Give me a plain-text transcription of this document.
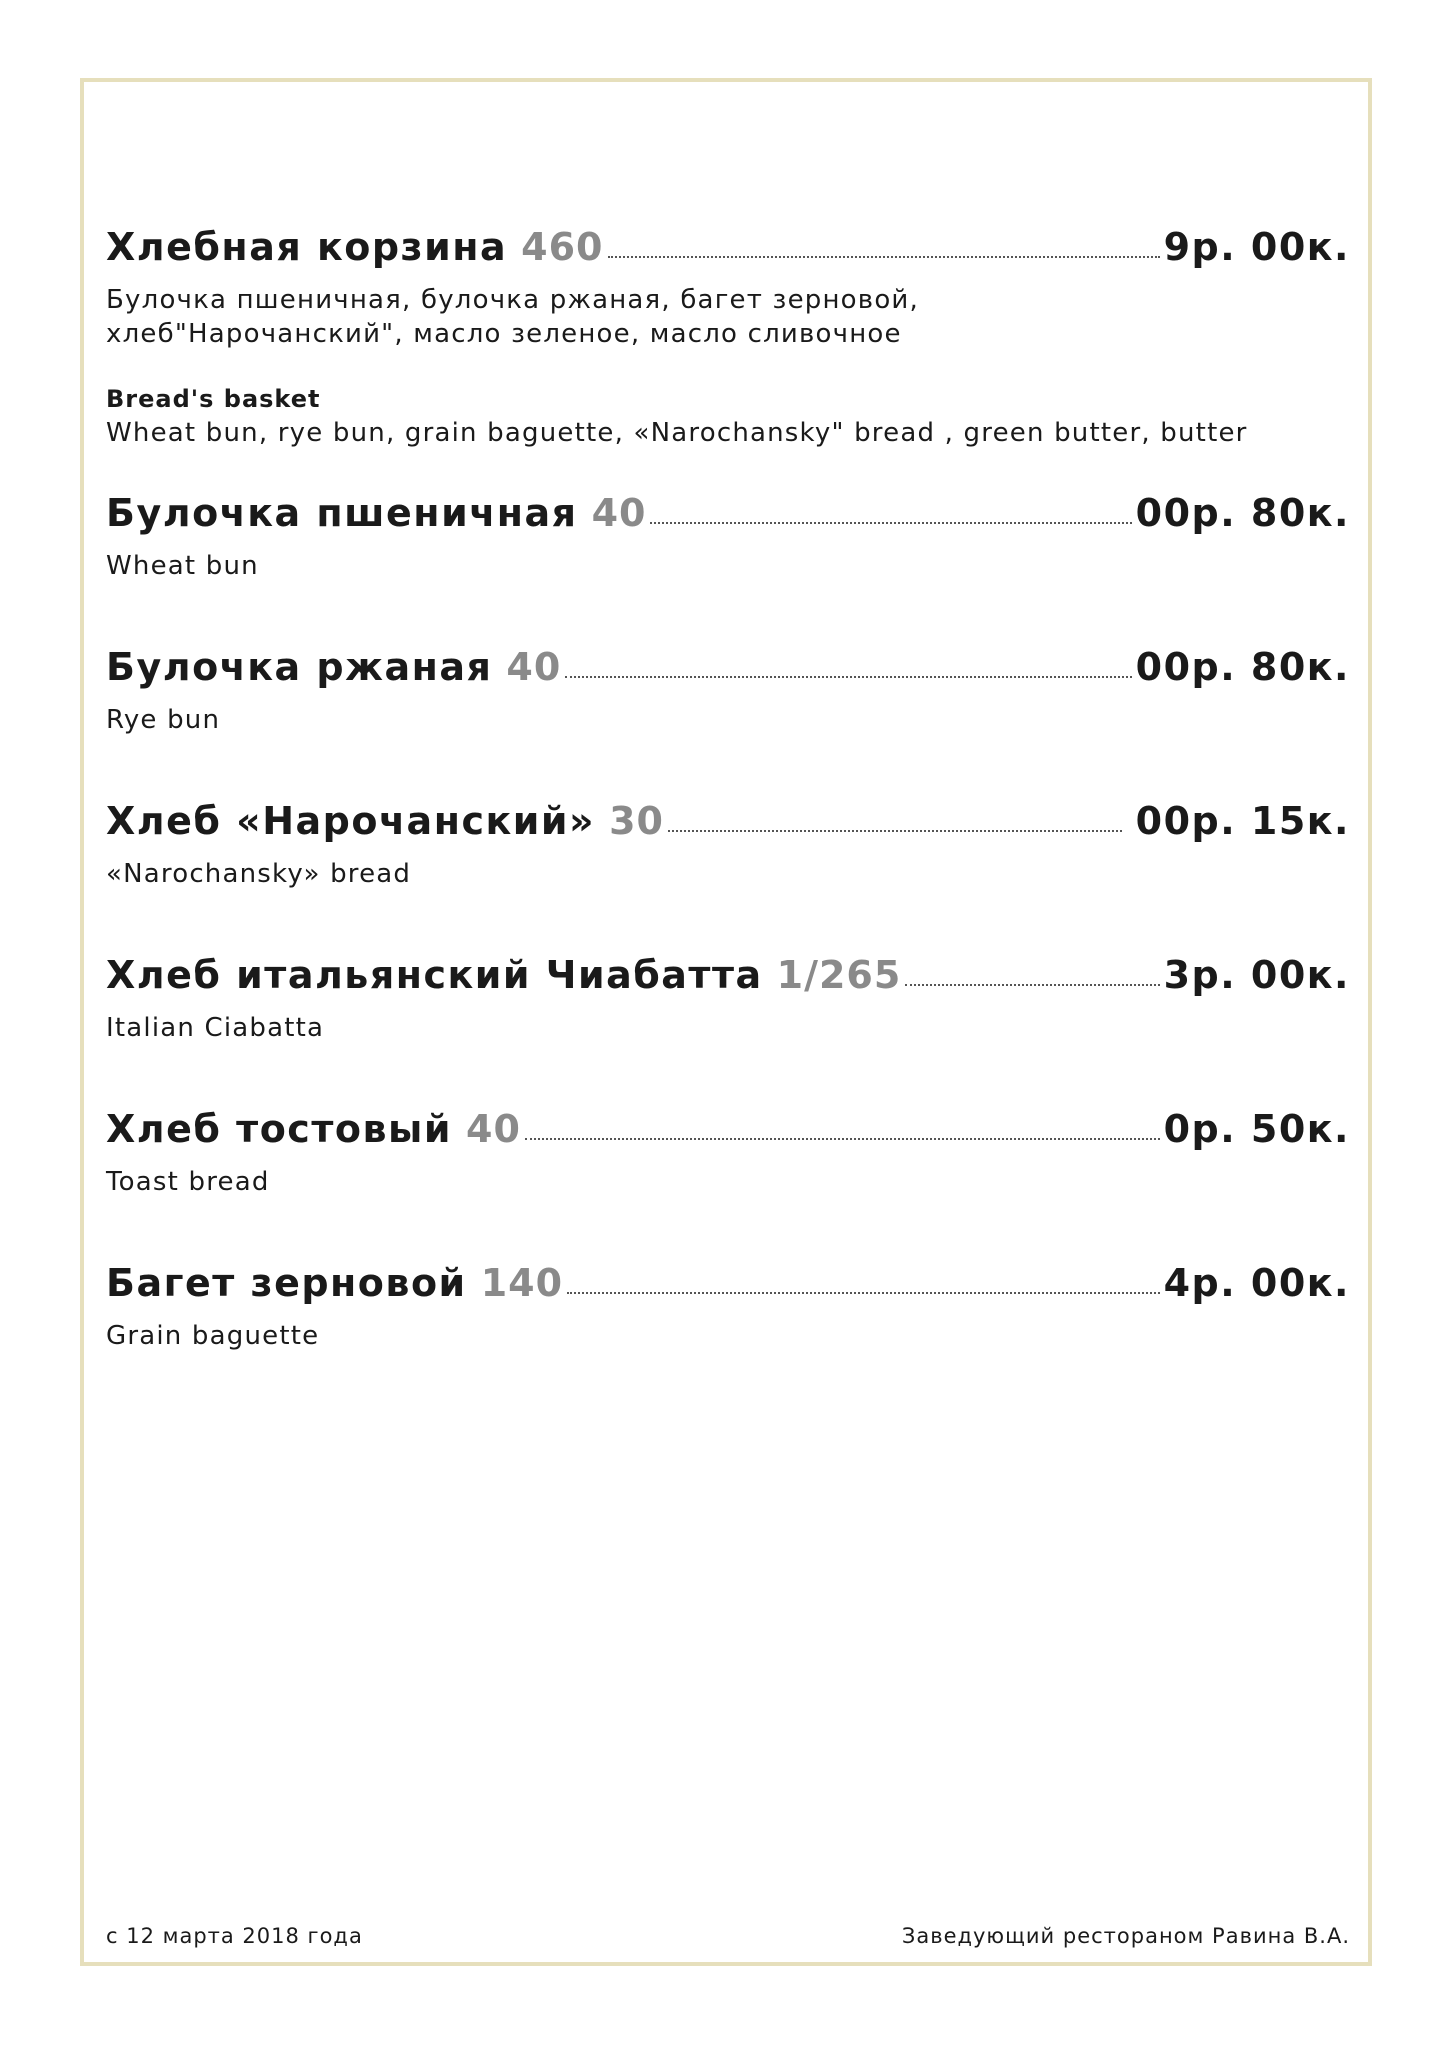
Хлебная корзина 460	9р. 00к.
Булочка пшеничная, булочка ржаная, багет зерновой,
хлеб"Нарочанский", масло зеленое, масло сливочное
Bread's basket
Wheat bun, rye bun, grain baguette, «Narochansky" bread , green butter, butter
Булочка пшеничная 40	00р. 80к.
Wheat bun
Булочка ржаная 40	00р. 80к.
Rye bun
Хлеб «Нарочанский» 30	00р. 15к.
«Narochansky» bread
Хлеб итальянский Чиабатта 1/265	3р. 00к.
Italian Ciabatta
Хлеб тостовый 40	0р. 50к.
Toast bread
Багет зерновой 140	4р. 00к.
Grain baguette
с 12 марта 2018 года	Заведующий рестораном Равина В.А.
